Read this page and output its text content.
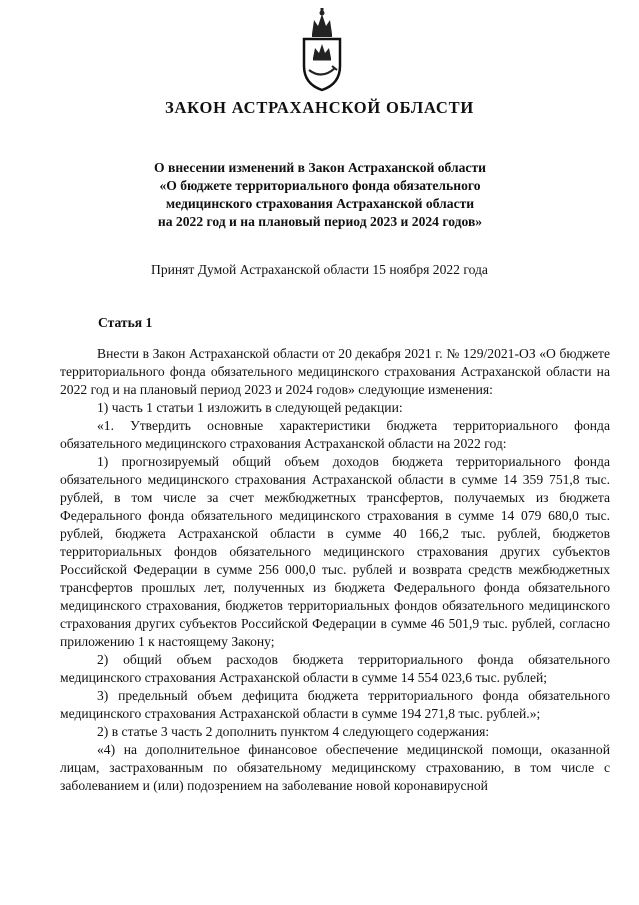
ЗАКОН АСТРАХАНСКОЙ ОБЛАСТИ
О внесении изменений в Закон Астраханской области
«О бюджете территориального фонда обязательного
медицинского страхования Астраханской области
на 2022 год и на плановый период 2023 и 2024 годов»
Принят Думой Астраханской области 15 ноября 2022 года
Статья 1

Внести в Закон Астраханской области от 20 декабря 2021 г. № 129/2021-ОЗ «О бюджете территориального фонда обязательного медицинского страхования Астраханской области на 2022 год и на плановый период 2023 и 2024 годов» следующие изменения:

1) часть 1 статьи 1 изложить в следующей редакции:

«1. Утвердить основные характеристики бюджета территориального фонда обязательного медицинского страхования Астраханской области на 2022 год:

1) прогнозируемый общий объем доходов бюджета территориального фонда обязательного медицинского страхования Астраханской области в сумме 14 359 751,8 тыс. рублей, в том числе за счет межбюджетных трансфертов, получаемых из бюджета Федерального фонда обязательного медицинского страхования в сумме 14 079 680,0 тыс. рублей, бюджета Астраханской области в сумме 40 166,2 тыс. рублей, бюджетов территориальных фондов обязательного медицинского страхования других субъектов Российской Федерации в сумме 256 000,0 тыс. рублей и возврата средств межбюджетных трансфертов прошлых лет, полученных из бюджета Федерального фонда обязательного медицинского страхования, бюджетов территориальных фондов обязательного медицинского страхования других субъектов Российской Федерации в сумме 46 501,9 тыс. рублей, согласно приложению 1 к настоящему Закону;

2) общий объем расходов бюджета территориального фонда обязательного медицинского страхования Астраханской области в сумме 14 554 023,6 тыс. рублей;

3) предельный объем дефицита бюджета территориального фонда обязательного медицинского страхования Астраханской области в сумме 194 271,8 тыс. рублей.»;

2) в статье 3 часть 2 дополнить пунктом 4 следующего содержания:

«4) на дополнительное финансовое обеспечение медицинской помощи, оказанной лицам, застрахованным по обязательному медицинскому страхованию, в том числе с заболеванием и (или) подозрением на заболевание новой коронавирусной
